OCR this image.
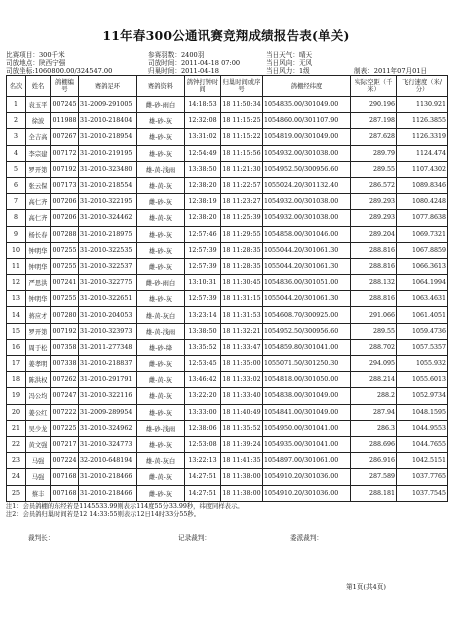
11年春300公通讯赛竞翔成绩报告表(单关)
比赛项目：300千米
司放地点：陕西宁强
司放坐标:1060800.00/324547.00
参赛羽数：2400羽
司放时间：2011-04-18 07:00
归巢时间：2011-04-18
当日天气：晴天
当日风向：无风
当日风力：1级	制表：2011年07月01日
名次	姓名	鸽棚编号	赛鸽足环	赛鸽资料	鸽钟打钟时间	归巢时间或序号	鸽棚经纬度	实际空距（千米）	飞行速度（米/分）
1	袁玉平	007245	31-2009-291005	雌-砂-雨白	14:18:53	18 11:50:34	1054835.00/301049.00	290.196	1130.921
2	徐波	011988	31-2010-218404	雄-砂-灰	12:32:08	18 11:15:25	1054860.00/301107.90	287.198	1126.3855
3	全吉高	007267	31-2010-218954	雄-砂-灰	13:31:02	18 11:15:22	1054819.00/301049.00	287.628	1126.3319
4	李宗建	007172	31-2010-219195	雄-砂-灰	12:54:49	18 11:15:56	1054932.00/301038.00	289.79	1124.474
5	罗开第	007192	31-2010-323480	雄-黄-浅雨	13:38:50	18 11:21:30	1054952.50/300956.60	289.55	1107.4302
6	张云保	007173	31-2010-218554	雄-黄-灰	12:38:20	18 11:22:57	1055024.20/301132.40	286.572	1089.8346
7	高仁齐	007206	31-2010-322195	雌-砂-灰	12:38:19	18 11:23:27	1054932.00/301038.00	289.293	1080.4248
8	高仁齐	007206	31-2010-324462	雄-黄-灰	12:38:20	18 11:25:39	1054932.00/301038.00	289.293	1077.8638
9	杨长春	007288	31-2010-218975	雄-砂-灰	12:57:46	18 11:29:55	1054858.00/301046.00	289.204	1069.7321
10	钟明华	007255	31-2010-322535	雄-砂-灰	12:57:39	18 11:28:35	1055044.20/301061.30	288.816	1067.8859
11	钟明华	007255	31-2010-322537	雌-砂-灰	12:57:39	18 11:28:35	1055044.20/301061.30	288.816	1066.3613
12	严思洪	007241	31-2010-322775	雌-砂-雨白	13:10:31	18 11:30:45	1054836.00/301051.00	288.132	1064.1994
13	钟明华	007255	31-2010-322651	雄-砂-灰	12:57:39	18 11:31:15	1055044.20/301061.30	288.816	1063.4631
14	蒋应才	007280	31-2010-204053	雄-黄-灰白	13:23:14	18 11:31:53	1054608.70/300925.00	291.066	1061.4051
15	罗开第	007192	31-2010-323973	雄-黄-浅雨	13:38:50	18 11:32:21	1054952.50/300956.60	289.55	1059.4736
16	周于松	007358	31-2011-277348	雄-砂-绛	13:35:52	18 11:33:47	1054859.80/301041.00	288.702	1057.5357
17	姜孝明	007338	31-2010-218837	雌-砂-灰	12:53:45	18 11:35:00	1055071.50/301250.30	294.095	1055.932
18	陈洪权	007262	31-2010-291791	雌-黄-灰	13:46:42	18 11:33:02	1054818.00/301050.00	288.214	1055.6013
19	冯公均	007247	31-2010-322116	雄-黄-灰	13:22:20	18 11:33:40	1054838.00/301049.00	288.2	1052.9734
20	姜公红	007222	31-2009-289954	雄-砂-灰	13:33:00	18 11:40:49	1054841.00/301049.00	287.94	1048.1595
21	吴少龙	007225	31-2010-324962	雄-砂-浅雨	12:38:06	18 11:35:52	1054950.00/301041.00	286.3	1044.9553
22	黄文强	007217	31-2010-324773	雄-砂-灰	12:53:08	18 11:39:24	1054935.00/301041.00	288.696	1044.7655
23	马强	007224	32-2010-648194	雄-黄-灰白	13:22:13	18 11:41:35	1054897.00/301061.00	286.916	1042.5151
24	马强	007168	31-2010-218466	雌-黄-灰	14:27:51	18 11:38:00	1054910.20/301036.00	287.589	1037.7765
25	蔡丰	007168	31-2010-218466	雌-砂-灰	14:27:51	18 11:38:00	1054910.20/301036.00	288.181	1037.7545
注1：会员鸽棚的东经若是1145533.99则表示114度55分33.99秒，纬度同样表示。
注2：会员鸽归巢时间若是12 14:33:55则表示12日14时33分55秒。
裁判长：	记录裁判：	委派裁判：
第1页(共4页)
